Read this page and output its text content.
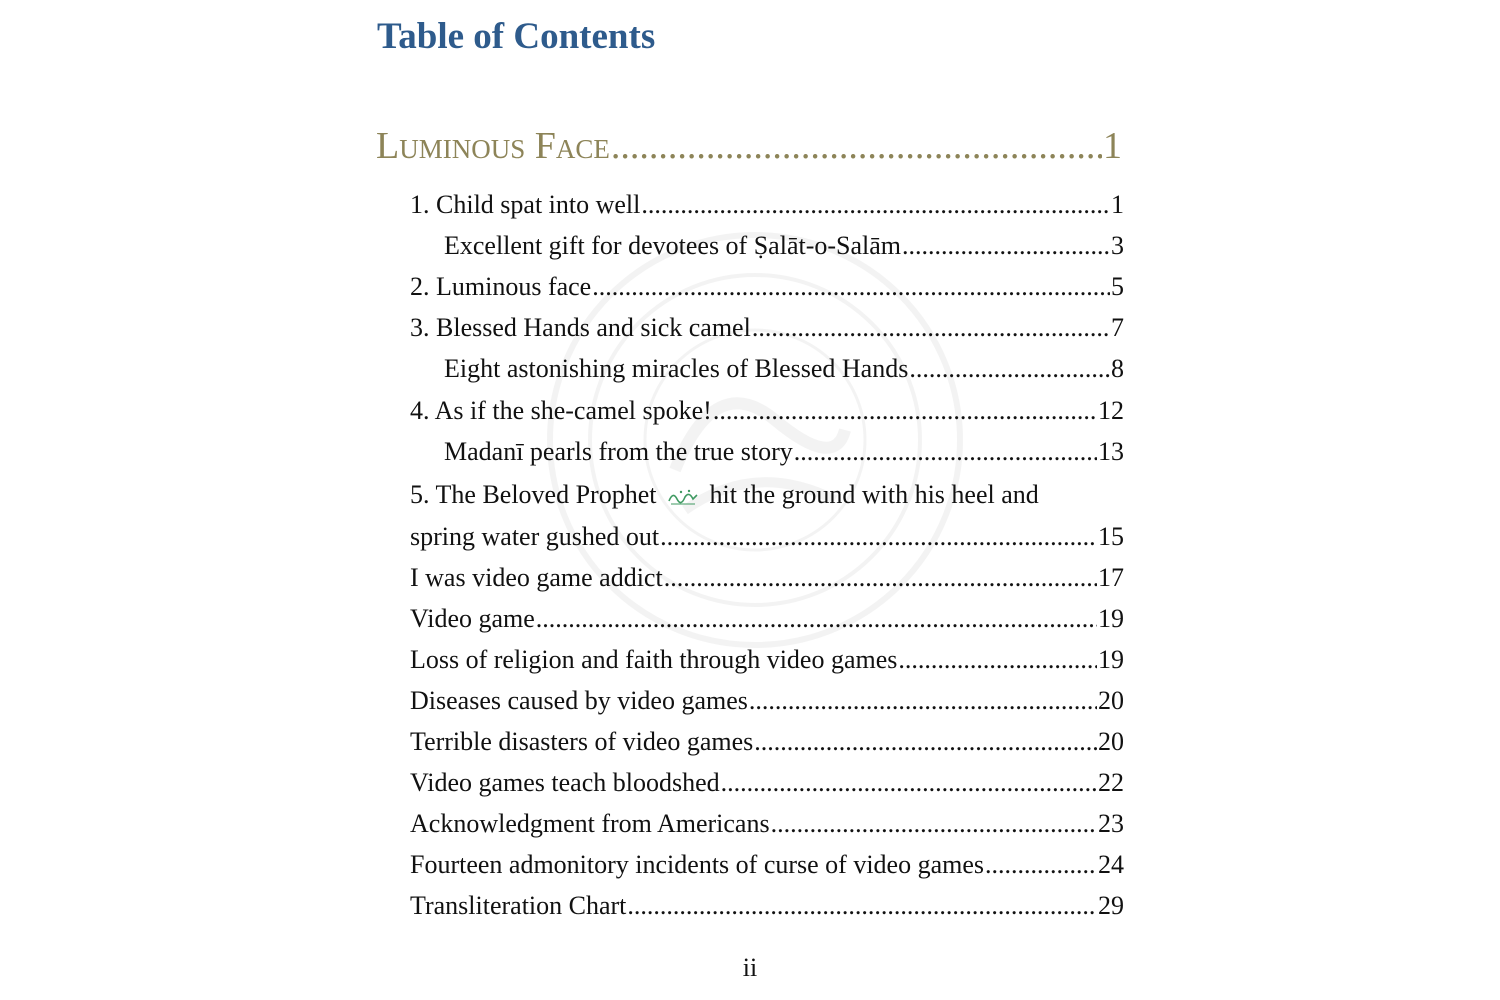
Table of Contents
Luminous Face .....	1
1. Child spat into well .....	1
Excellent gift for devotees of Ṣalāt-o-Salām .....	3
2. Luminous face .....	5
3. Blessed Hands and sick camel .....	7
Eight astonishing miracles of Blessed Hands .....	8
4. As if the she-camel spoke! .....	12
Madanī pearls from the true story .....	13
5. The Beloved Prophet hit the ground with his heel and
spring water gushed out .....	15
I was video game addict .....	17
Video game .....	19
Loss of religion and faith through video games .....	19
Diseases caused by video games .....	20
Terrible disasters of video games .....	20
Video games teach bloodshed .....	22
Acknowledgment from Americans .....	23
Fourteen admonitory incidents of curse of video games .....	24
Transliteration Chart .....	29
ii
